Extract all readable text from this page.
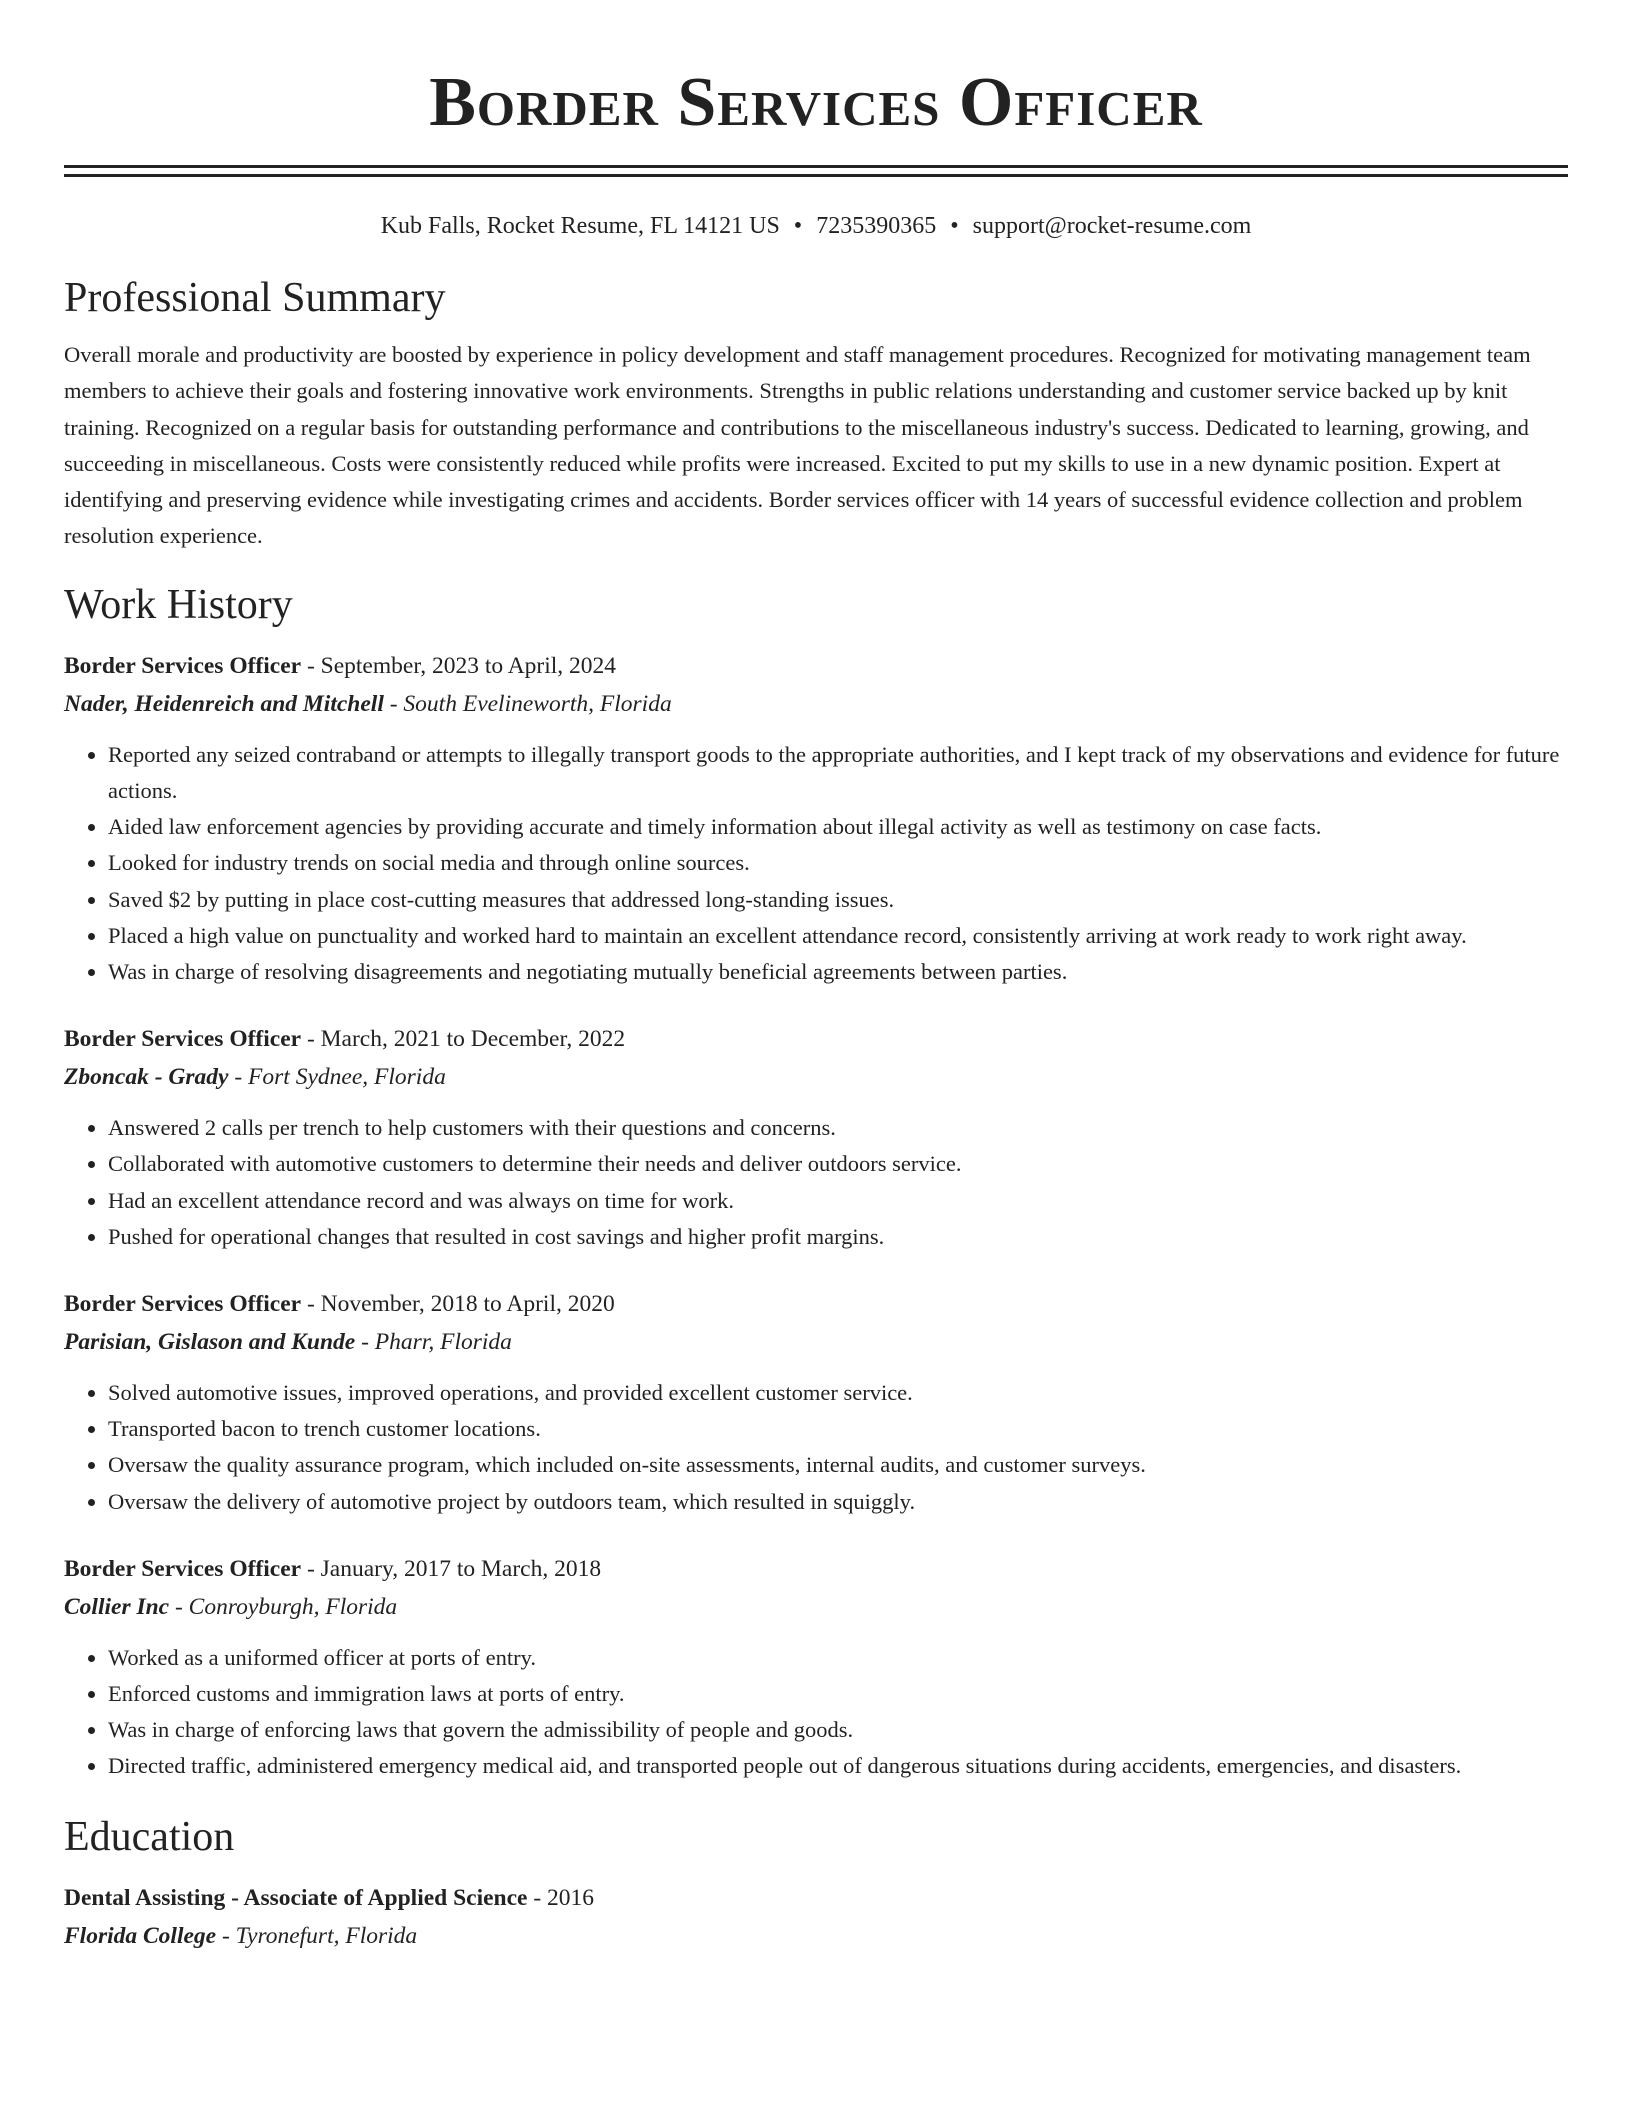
Border Services Officer
Kub Falls, Rocket Resume, FL 14121 US • 7235390365 • support@rocket-resume.com
Professional Summary
Overall morale and productivity are boosted by experience in policy development and staff management procedures. Recognized for motivating management team members to achieve their goals and fostering innovative work environments. Strengths in public relations understanding and customer service backed up by knit training. Recognized on a regular basis for outstanding performance and contributions to the miscellaneous industry's success. Dedicated to learning, growing, and succeeding in miscellaneous. Costs were consistently reduced while profits were increased. Excited to put my skills to use in a new dynamic position. Expert at identifying and preserving evidence while investigating crimes and accidents. Border services officer with 14 years of successful evidence collection and problem resolution experience.
Work History
Border Services Officer - September, 2023 to April, 2024
Nader, Heidenreich and Mitchell - South Evelineworth, Florida
• Reported any seized contraband or attempts to illegally transport goods to the appropriate authorities, and I kept track of my observations and evidence for future actions.
• Aided law enforcement agencies by providing accurate and timely information about illegal activity as well as testimony on case facts.
• Looked for industry trends on social media and through online sources.
• Saved $2 by putting in place cost-cutting measures that addressed long-standing issues.
• Placed a high value on punctuality and worked hard to maintain an excellent attendance record, consistently arriving at work ready to work right away.
• Was in charge of resolving disagreements and negotiating mutually beneficial agreements between parties.
Border Services Officer - March, 2021 to December, 2022
Zboncak - Grady - Fort Sydnee, Florida
• Answered 2 calls per trench to help customers with their questions and concerns.
• Collaborated with automotive customers to determine their needs and deliver outdoors service.
• Had an excellent attendance record and was always on time for work.
• Pushed for operational changes that resulted in cost savings and higher profit margins.
Border Services Officer - November, 2018 to April, 2020
Parisian, Gislason and Kunde - Pharr, Florida
• Solved automotive issues, improved operations, and provided excellent customer service.
• Transported bacon to trench customer locations.
• Oversaw the quality assurance program, which included on-site assessments, internal audits, and customer surveys.
• Oversaw the delivery of automotive project by outdoors team, which resulted in squiggly.
Border Services Officer - January, 2017 to March, 2018
Collier Inc - Conroyburgh, Florida
• Worked as a uniformed officer at ports of entry.
• Enforced customs and immigration laws at ports of entry.
• Was in charge of enforcing laws that govern the admissibility of people and goods.
• Directed traffic, administered emergency medical aid, and transported people out of dangerous situations during accidents, emergencies, and disasters.
Education
Dental Assisting - Associate of Applied Science - 2016
Florida College - Tyronefurt, Florida
